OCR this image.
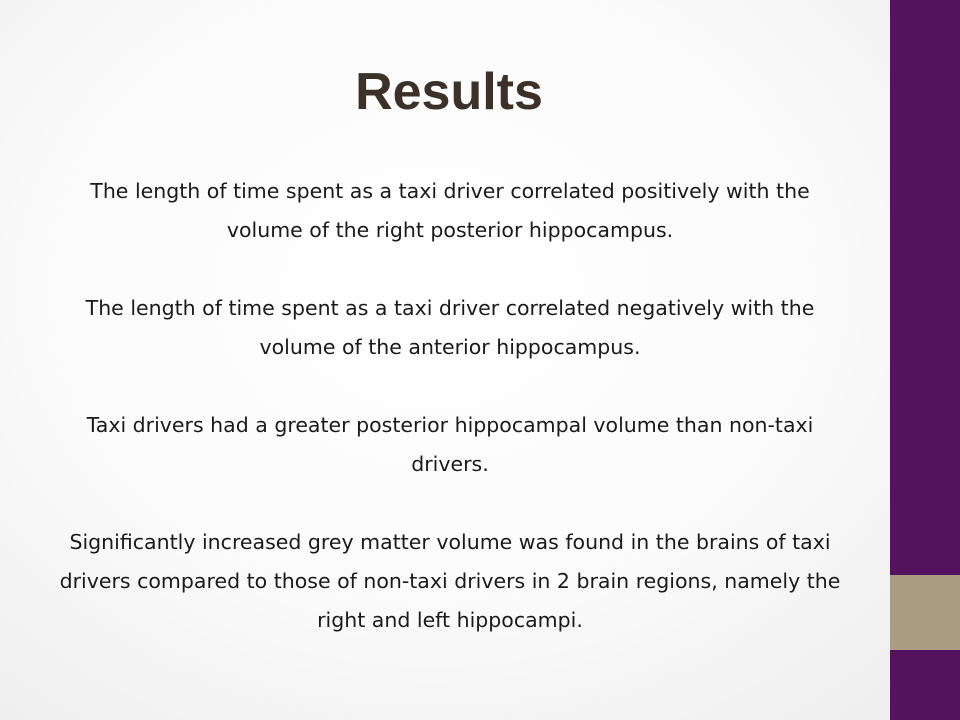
Results

The length of time spent as a taxi driver correlated positively with the volume of the right posterior hippocampus.

The length of time spent as a taxi driver correlated negatively with the volume of the anterior hippocampus.

Taxi drivers had a greater posterior hippocampal volume than non-taxi drivers.

Significantly increased grey matter volume was found in the brains of taxi drivers compared to those of non-taxi drivers in 2 brain regions, namely the right and left hippocampi.
